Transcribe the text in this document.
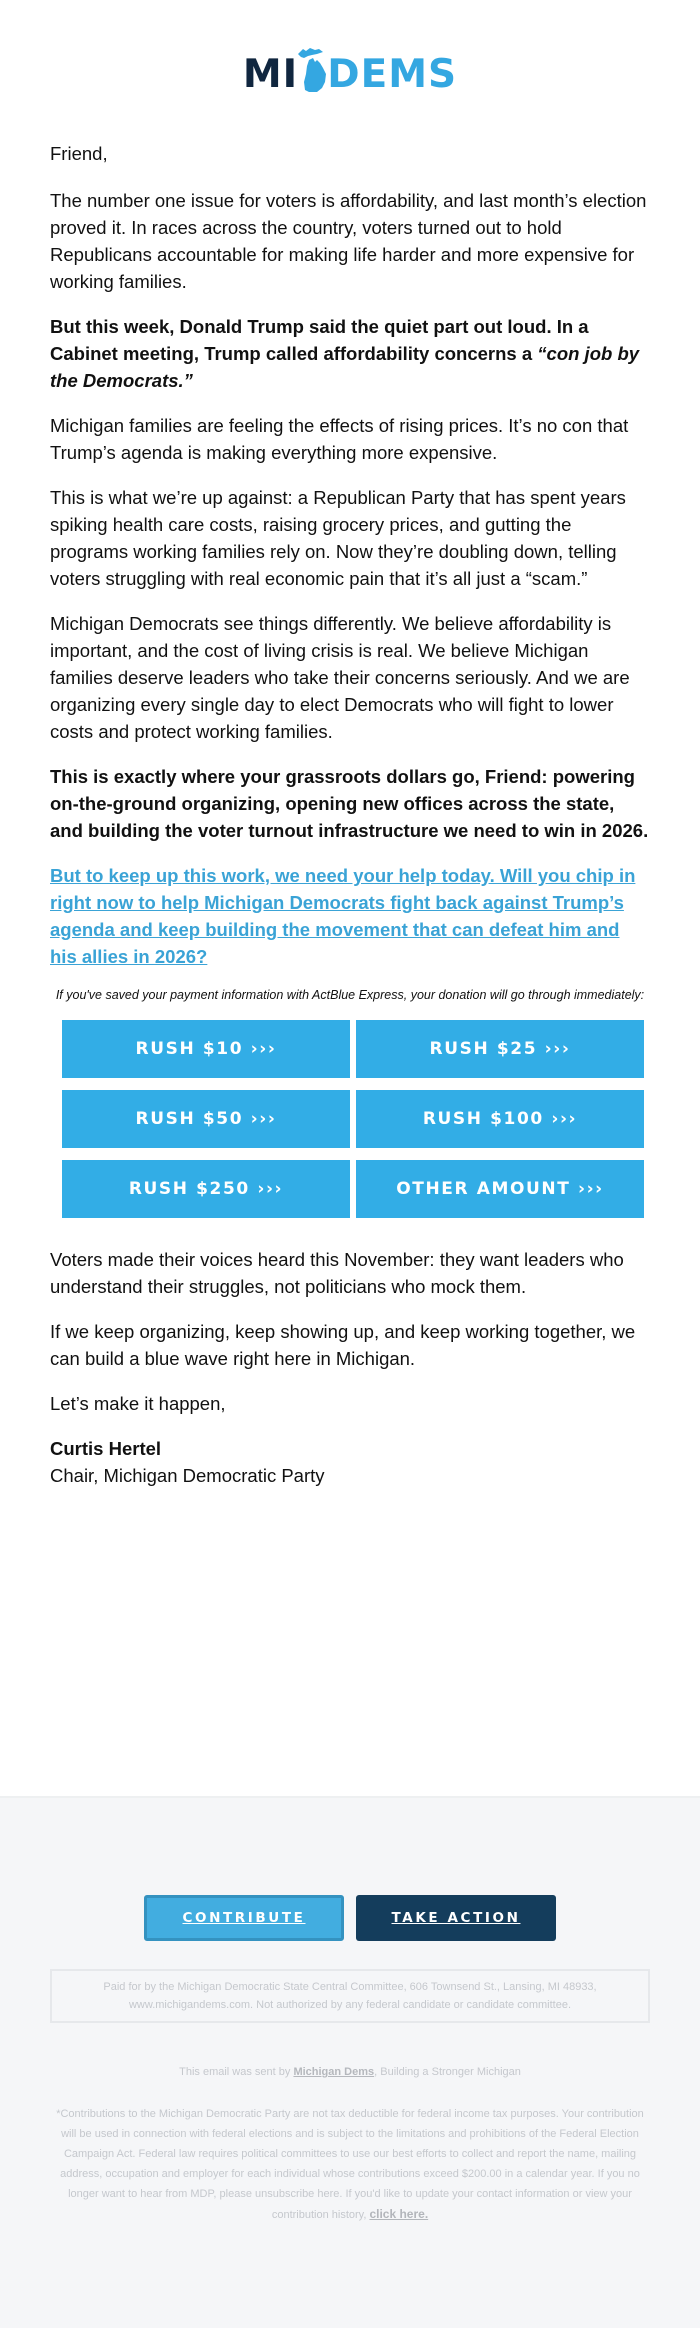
MI DEMS

Friend,

The number one issue for voters is affordability, and last month’s election proved it. In races across the country, voters turned out to hold Republicans accountable for making life harder and more expensive for working families.

But this week, Donald Trump said the quiet part out loud. In a Cabinet meeting, Trump called affordability concerns a “con job by the Democrats.”

Michigan families are feeling the effects of rising prices. It’s no con that Trump’s agenda is making everything more expensive.

This is what we’re up against: a Republican Party that has spent years spiking health care costs, raising grocery prices, and gutting the programs working families rely on. Now they’re doubling down, telling voters struggling with real economic pain that it’s all just a “scam.”

Michigan Democrats see things differently. We believe affordability is important, and the cost of living crisis is real. We believe Michigan families deserve leaders who take their concerns seriously. And we are organizing every single day to elect Democrats who will fight to lower costs and protect working families.

This is exactly where your grassroots dollars go, Friend: powering on-the-ground organizing, opening new offices across the state, and building the voter turnout infrastructure we need to win in 2026.

But to keep up this work, we need your help today. Will you chip in right now to help Michigan Democrats fight back against Trump’s agenda and keep building the movement that can defeat him and his allies in 2026?
If you've saved your payment information with ActBlue Express, your donation will go through immediately:
RUSH $10 ›››	RUSH $25 ›››
RUSH $50 ›››	RUSH $100 ›››
RUSH $250 ›››	OTHER AMOUNT ›››

Voters made their voices heard this November: they want leaders who understand their struggles, not politicians who mock them.

If we keep organizing, keep showing up, and keep working together, we can build a blue wave right here in Michigan.

Let’s make it happen,

Curtis Hertel
Chair, Michigan Democratic Party
CONTRIBUTE	TAKE ACTION
Paid for by the Michigan Democratic State Central Committee, 606 Townsend St., Lansing, MI 48933,
www.michigandems.com. Not authorized by any federal candidate or candidate committee.
This email was sent by Michigan Dems, Building a Stronger Michigan
*Contributions to the Michigan Democratic Party are not tax deductible for federal income tax purposes. Your contribution will be used in connection with federal elections and is subject to the limitations and prohibitions of the Federal Election Campaign Act. Federal law requires political committees to use our best efforts to collect and report the name, mailing address, occupation and employer for each individual whose contributions exceed $200.00 in a calendar year. If you no longer want to hear from MDP, please unsubscribe here. If you'd like to update your contact information or view your contribution history, click here.
